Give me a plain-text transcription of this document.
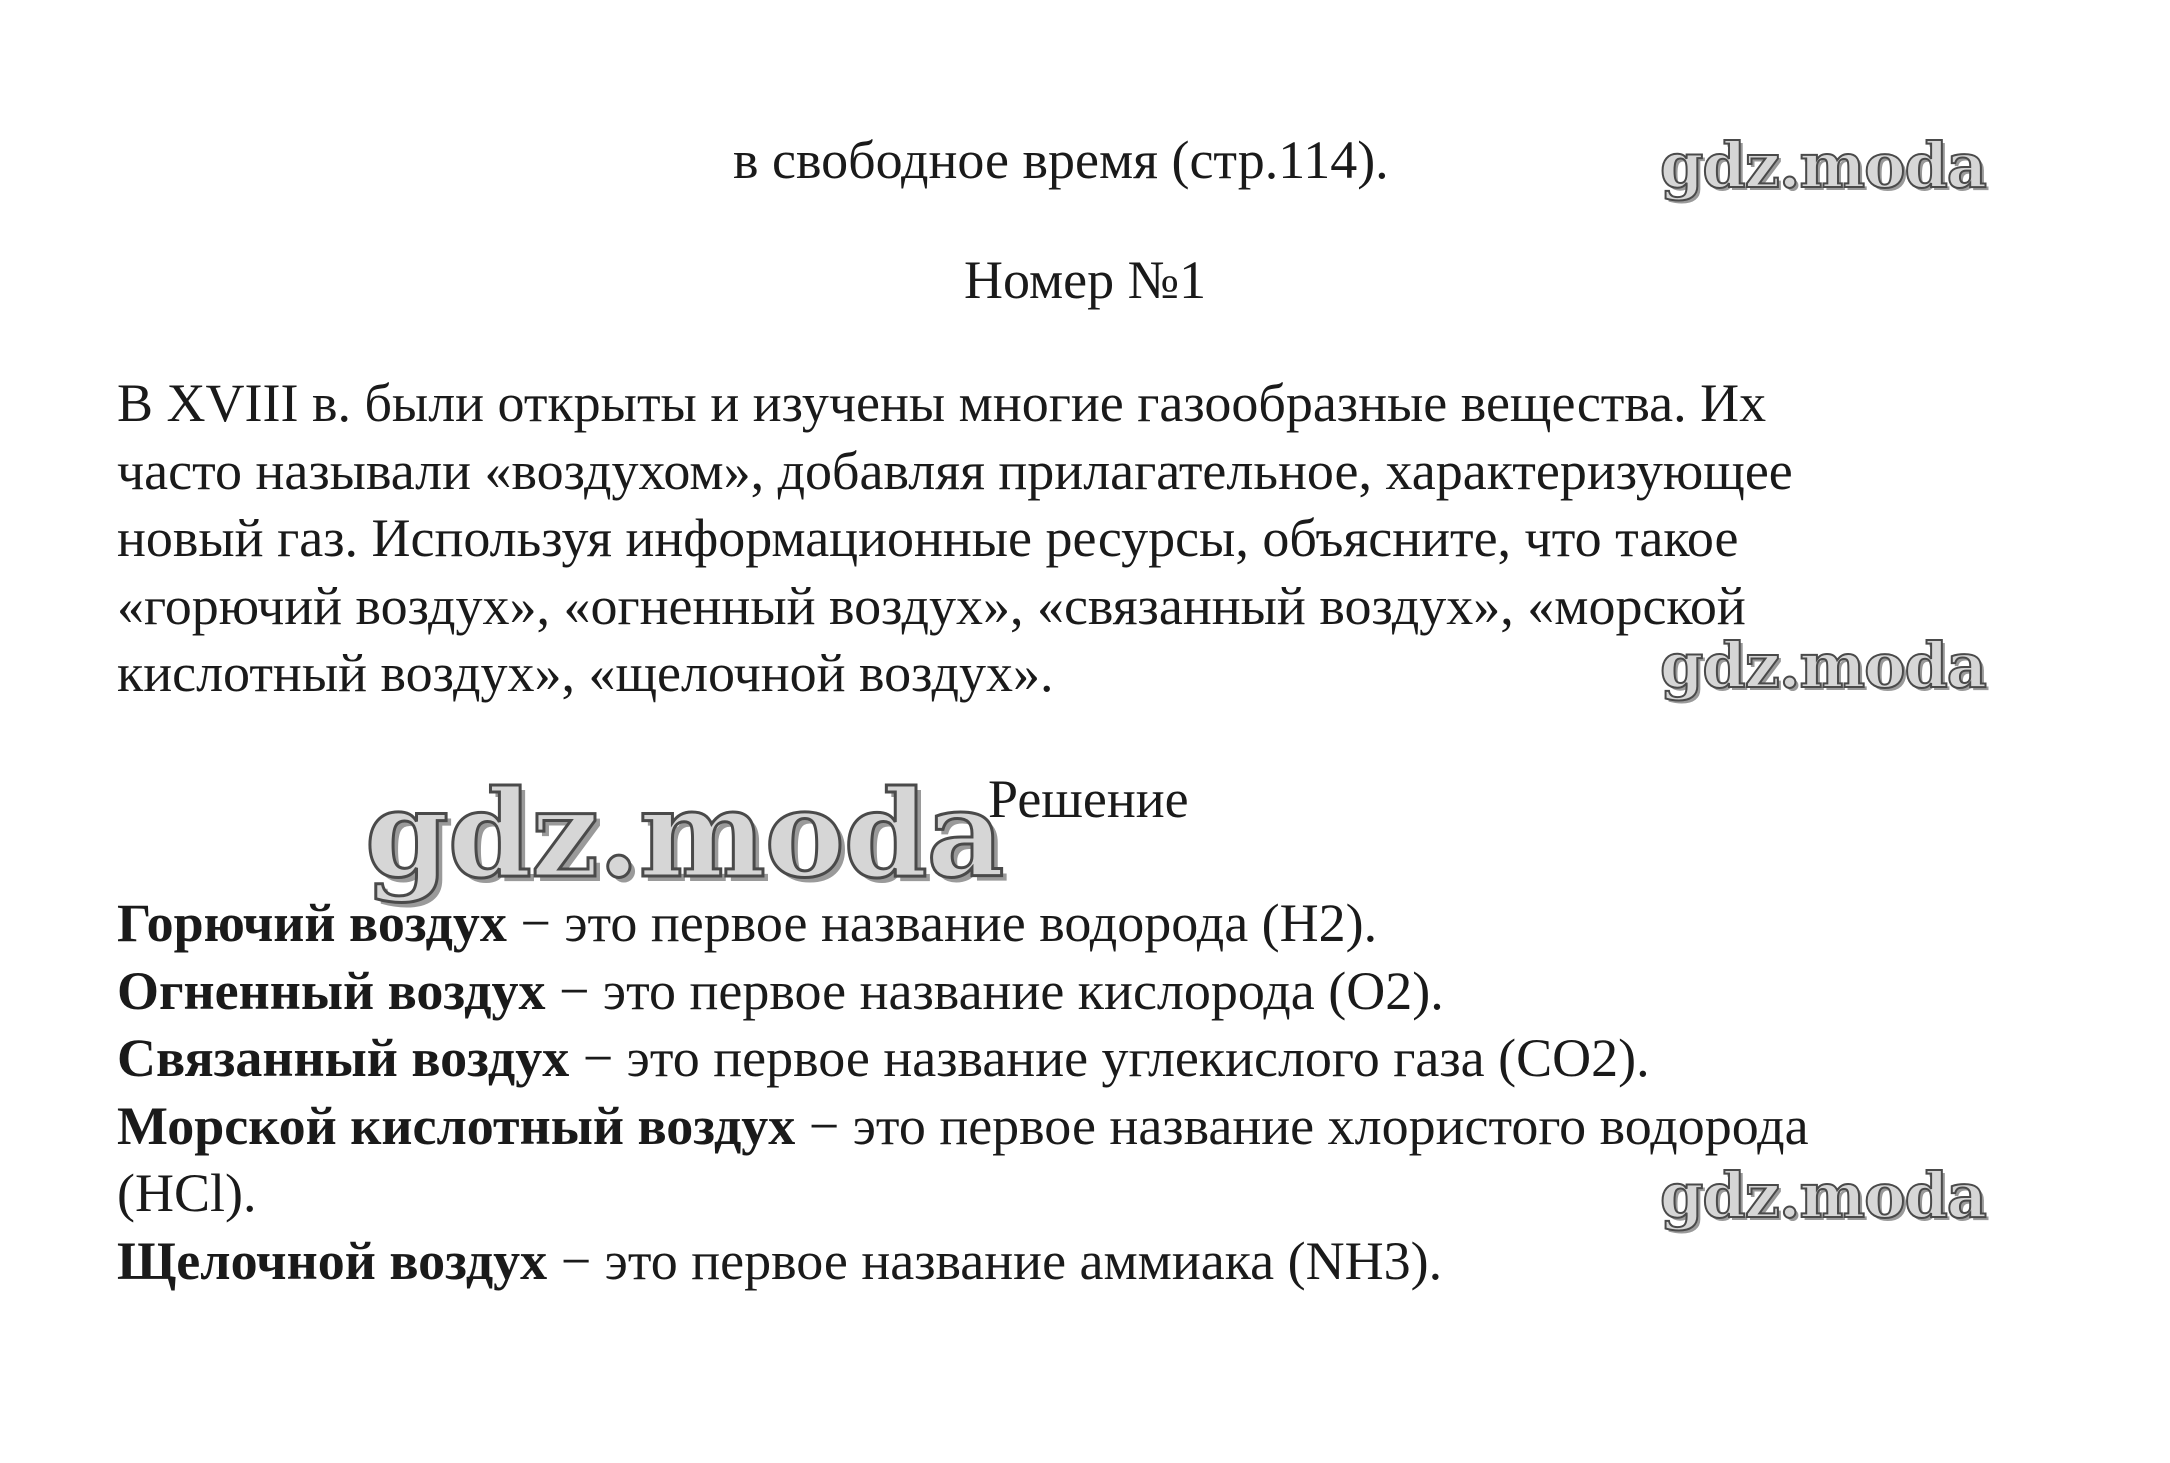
в свободное время (стр.114).	gdz.moda
Номер №1
В XVIII в. были открыты и изучены многие газообразные вещества. Их
часто называли «воздухом», добавляя прилагательное, характеризующее
новый газ. Используя информационные ресурсы, объясните, что такое
«горючий воздух», «огненный воздух», «связанный воздух», «морской
кислотный воздух», «щелочной воздух».	gdz.moda
gdz.moda
Решение
Горючий воздух − это первое название водорода (H2).
Огненный воздух − это первое название кислорода (O2).
Связанный воздух − это первое название углекислого газа (CO2).
Морской кислотный воздух − это первое название хлористого водорода
(HCl).
Щелочной воздух − это первое название аммиака (NH3).
gdz.moda
